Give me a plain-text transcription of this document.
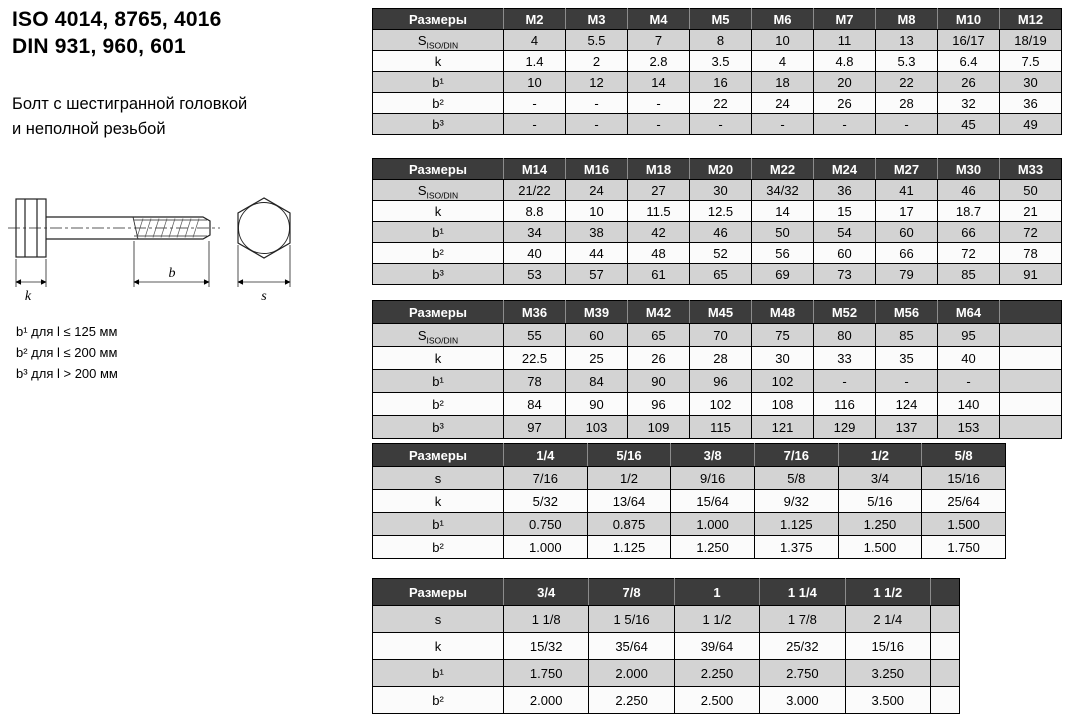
ISO 4014, 8765, 4016
DIN 931, 960, 601
Болт с шестигранной головкой
и неполной резьбой
k
b
s
b¹ для l ≤ 125 мм
b² для l ≤ 200 мм
b³ для l > 200 мм
Размеры	M2	M3	M4	M5	M6	M7	M8	M10	M12
$S_{ISO/DIN}$	4	5.5	7	8	10	11	13	16/17	18/19
k	1.4	2	2.8	3.5	4	4.8	5.3	6.4	7.5
b¹	10	12	14	16	18	20	22	26	30
b²	-	-	-	22	24	26	28	32	36
b³	-	-	-	-	-	-	-	45	49
Размеры	M14	M16	M18	M20	M22	M24	M27	M30	M33
$S_{ISO/DIN}$	21/22	24	27	30	34/32	36	41	46	50
k	8.8	10	11.5	12.5	14	15	17	18.7	21
b¹	34	38	42	46	50	54	60	66	72
b²	40	44	48	52	56	60	66	72	78
b³	53	57	61	65	69	73	79	85	91
Размеры	M36	M39	M42	M45	M48	M52	M56	M64	
$S_{ISO/DIN}$	55	60	65	70	75	80	85	95	
k	22.5	25	26	28	30	33	35	40	
b¹	78	84	90	96	102	-	-	-	
b²	84	90	96	102	108	116	124	140	
b³	97	103	109	115	121	129	137	153	
Размеры	1/4	5/16	3/8	7/16	1/2	5/8
s	7/16	1/2	9/16	5/8	3/4	15/16
k	5/32	13/64	15/64	9/32	5/16	25/64
b¹	0.750	0.875	1.000	1.125	1.250	1.500
b²	1.000	1.125	1.250	1.375	1.500	1.750
Размеры	3/4	7/8	1	1 1/4	1 1/2	
s	1 1/8	1 5/16	1 1/2	1 7/8	2 1/4	
k	15/32	35/64	39/64	25/32	15/16	
b¹	1.750	2.000	2.250	2.750	3.250	
b²	2.000	2.250	2.500	3.000	3.500	
